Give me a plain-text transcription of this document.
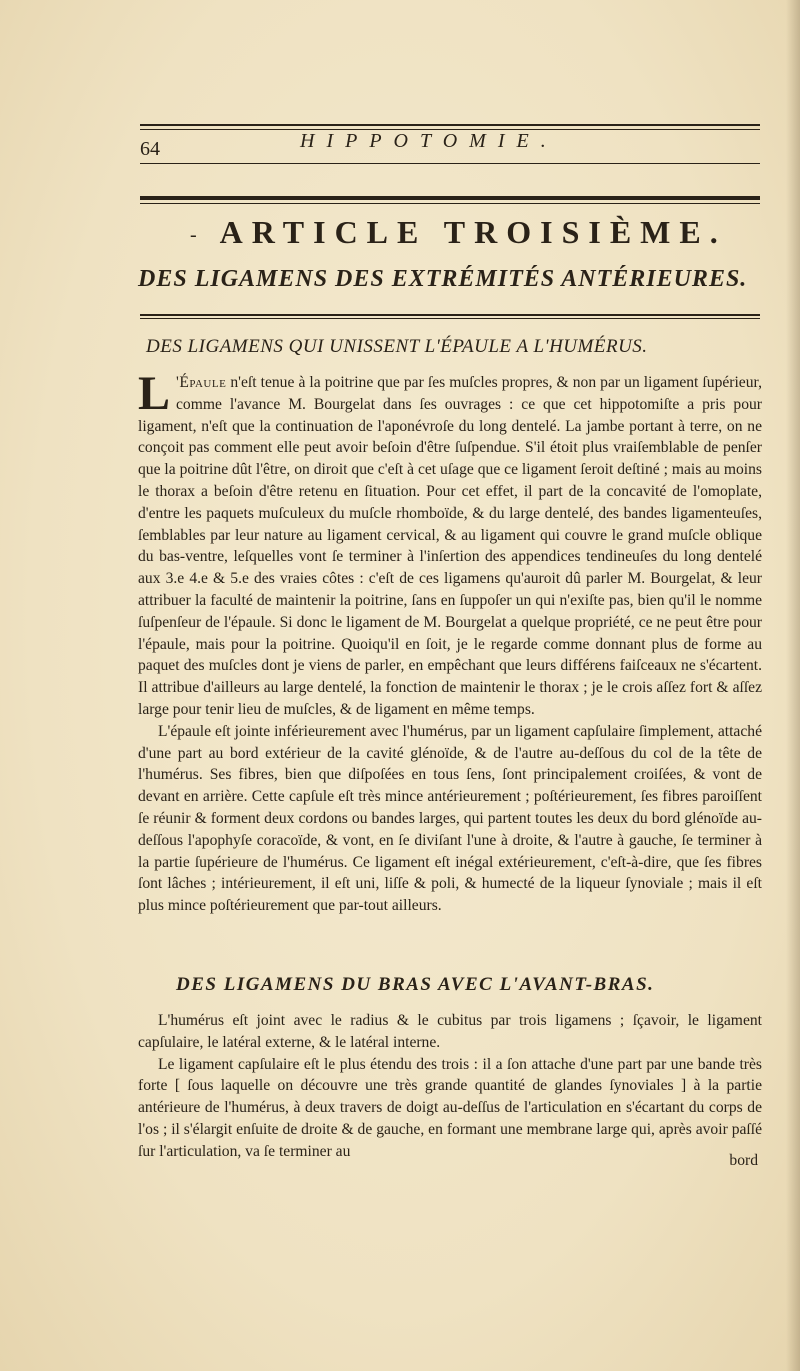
64	HIPPOTOMIE.
- ARTICLE TROISIÈME.
DES LIGAMENS DES EXTRÉMITÉS ANTÉRIEURES.
DES LIGAMENS QUI UNISSENT L'ÉPAULE A L'HUMÉRUS.

L 'Épaule n'eſt tenue à la poitrine que par ſes muſcles propres, & non par un ligament ſupérieur, comme l'avance M. Bourgelat dans ſes ouvrages : ce que cet hippotomiſte a pris pour ligament, n'eſt que la continuation de l'aponévroſe du long dentelé. La jambe portant à terre, on ne conçoit pas comment elle peut avoir beſoin d'être ſuſpendue. S'il étoit plus vraiſemblable de penſer que la poitrine dût l'être, on diroit que c'eſt à cet uſage que ce ligament ſeroit deſtiné ; mais au moins le thorax a beſoin d'être retenu en ſituation. Pour cet effet, il part de la concavité de l'omoplate, d'entre les paquets muſculeux du muſcle rhomboïde, & du large dentelé, des bandes ligamenteuſes, ſemblables par leur nature au ligament cervical, & au ligament qui couvre le grand muſcle oblique du bas-ventre, leſquelles vont ſe terminer à l'inſertion des appendices tendineuſes du long dentelé aux 3.e 4.e & 5.e des vraies côtes : c'eſt de ces ligamens qu'auroit dû parler M. Bourgelat, & leur attribuer la faculté de maintenir la poitrine, ſans en ſuppoſer un qui n'exiſte pas, bien qu'il le nomme ſuſpenſeur de l'épaule. Si donc le ligament de M. Bourgelat a quelque propriété, ce ne peut être pour l'épaule, mais pour la poitrine. Quoiqu'il en ſoit, je le regarde comme donnant plus de forme au paquet des muſcles dont je viens de parler, en empêchant que leurs différens faiſceaux ne s'écartent. Il attribue d'ailleurs au large dentelé, la fonction de maintenir le thorax ; je le crois aſſez fort & aſſez large pour tenir lieu de muſcles, & de ligament en même temps.

L'épaule eſt jointe inférieurement avec l'humérus, par un ligament capſulaire ſimplement, attaché d'une part au bord extérieur de la cavité glénoïde, & de l'autre au-deſſous du col de la tête de l'humérus. Ses fibres, bien que diſpoſées en tous ſens, ſont principalement croiſées, & vont de devant en arrière. Cette capſule eſt très mince antérieurement ; poſtérieurement, ſes fibres paroiſſent ſe réunir & forment deux cordons ou bandes larges, qui partent toutes les deux du bord glénoïde au-deſſous l'apophyſe coracoïde, & vont, en ſe diviſant l'une à droite, & l'autre à gauche, ſe terminer à la partie ſupérieure de l'humérus. Ce ligament eſt inégal extérieurement, c'eſt-à-dire, que ſes fibres ſont lâches ; intérieurement, il eſt uni, liſſe & poli, & humecté de la liqueur ſynoviale ; mais il eſt plus mince poſtérieurement que par-tout ailleurs.

DES LIGAMENS DU BRAS AVEC L'AVANT-BRAS.

L'humérus eſt joint avec le radius & le cubitus par trois ligamens ; ſçavoir, le ligament capſulaire, le latéral externe, & le latéral interne.

Le ligament capſulaire eſt le plus étendu des trois : il a ſon attache d'une part par une bande très forte [ ſous laquelle on découvre une très grande quantité de glandes ſynoviales ] à la partie antérieure de l'humérus, à deux travers de doigt au-deſſus de l'articulation en s'écartant du corps de l'os ; il s'élargit enſuite de droite & de gauche, en formant une membrane large qui, après avoir paſſé ſur l'articulation, va ſe terminer au

bord
